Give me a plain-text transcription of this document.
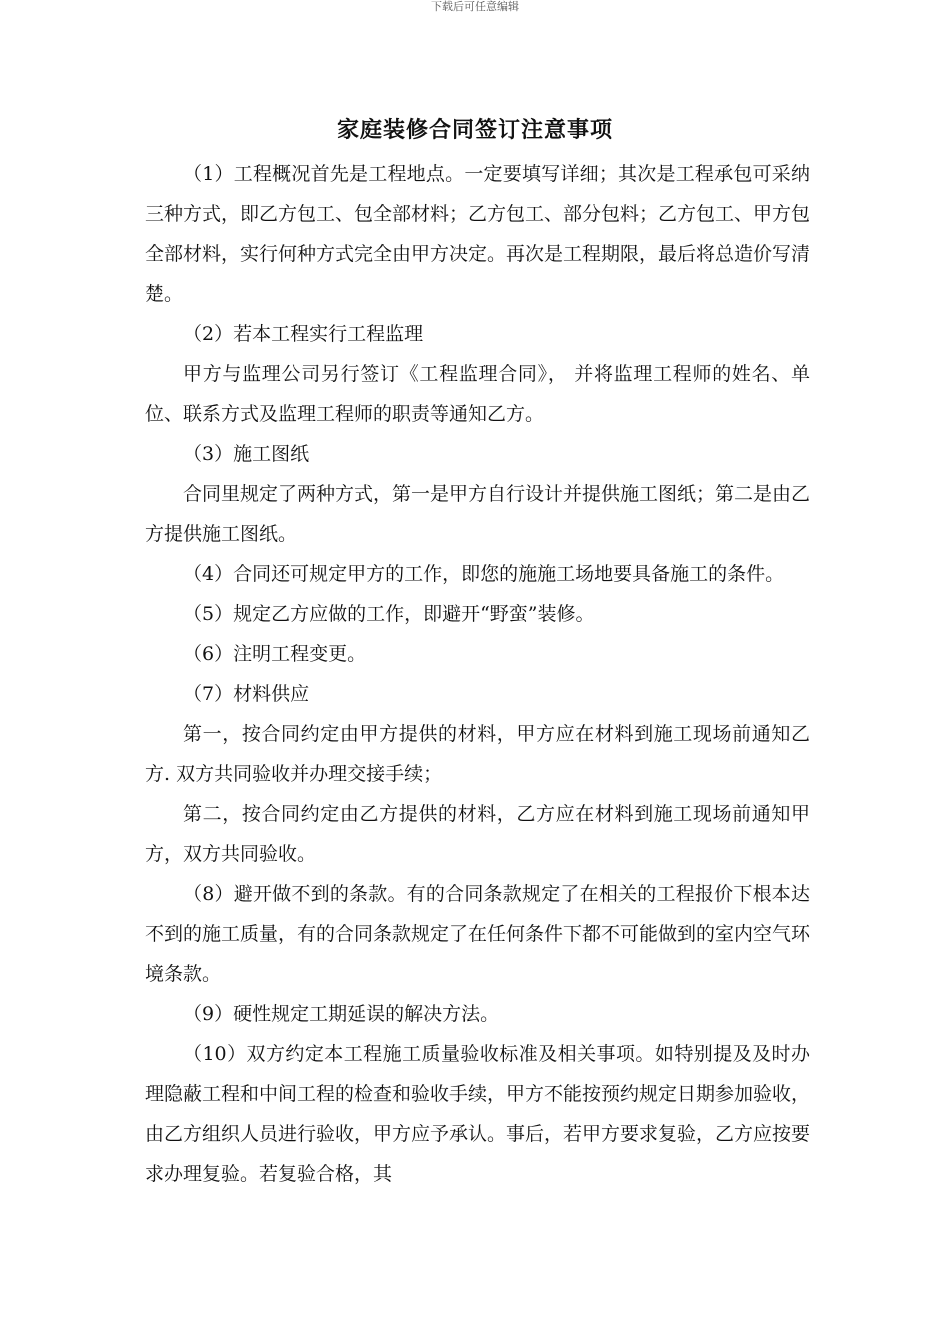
下载后可任意编辑
家庭装修合同签订注意事项

（1）工程概况首先是工程地点。一定要填写详细；其次是工程承包可采纳三种方式，即乙方包工、包全部材料；乙方包工、部分包料；乙方包工、甲方包全部材料，实行何种方式完全由甲方决定。再次是工程期限，最后将总造价写清楚。

（2）若本工程实行工程监理

甲方与监理公司另行签订《工程监理合同》， 并将监理工程师的姓名、单位、联系方式及监理工程师的职责等通知乙方。

（3）施工图纸

合同里规定了两种方式，第一是甲方自行设计并提供施工图纸；第二是由乙方提供施工图纸。

（4）合同还可规定甲方的工作，即您的施施工场地要具备施工的条件。

（5）规定乙方应做的工作，即避开“野蛮”装修。

（6）注明工程变更。

（7）材料供应

第一，按合同约定由甲方提供的材料，甲方应在材料到施工现场前通知乙方. 双方共同验收并办理交接手续；

第二，按合同约定由乙方提供的材料，乙方应在材料到施工现场前通知甲方，双方共同验收。

（8）避开做不到的条款。有的合同条款规定了在相关的工程报价下根本达不到的施工质量，有的合同条款规定了在任何条件下都不可能做到的室内空气环境条款。

（9）硬性规定工期延误的解决方法。

（10）双方约定本工程施工质量验收标准及相关事项。如特别提及及时办理隐蔽工程和中间工程的检查和验收手续，甲方不能按预约规定日期参加验收，由乙方组织人员进行验收，甲方应予承认。事后，若甲方要求复验，乙方应按要求办理复验。若复验合格，其
